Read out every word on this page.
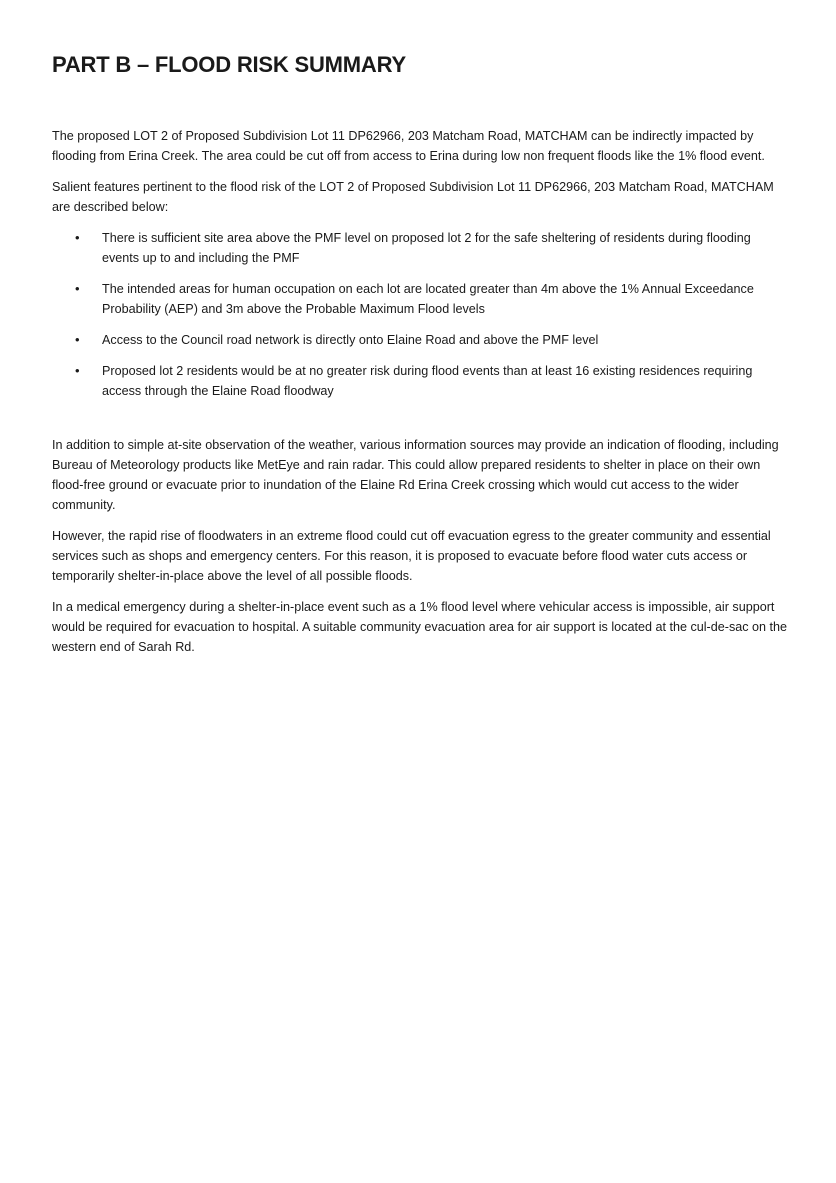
PART B – FLOOD RISK SUMMARY

The proposed LOT 2 of Proposed Subdivision Lot 11 DP62966, 203 Matcham Road, MATCHAM can be indirectly impacted by flooding from Erina Creek. The area could be cut off from access to Erina during low non frequent floods like the 1% flood event.

Salient features pertinent to the flood risk of the LOT 2 of Proposed Subdivision Lot 11 DP62966, 203 Matcham Road, MATCHAM are described below:

• There is sufficient site area above the PMF level on proposed lot 2 for the safe sheltering of residents during flooding events up to and including the PMF
• The intended areas for human occupation on each lot are located greater than 4m above the 1% Annual Exceedance Probability (AEP) and 3m above the Probable Maximum Flood levels
• Access to the Council road network is directly onto Elaine Road and above the PMF level
• Proposed lot 2 residents would be at no greater risk during flood events than at least 16 existing residences requiring access through the Elaine Road floodway

In addition to simple at-site observation of the weather, various information sources may provide an indication of flooding, including Bureau of Meteorology products like MetEye and rain radar. This could allow prepared residents to shelter in place on their own flood-free ground or evacuate prior to inundation of the Elaine Rd Erina Creek crossing which would cut access to the wider community.

However, the rapid rise of floodwaters in an extreme flood could cut off evacuation egress to the greater community and essential services such as shops and emergency centers. For this reason, it is proposed to evacuate before flood water cuts access or temporarily shelter-in-place above the level of all possible floods.

In a medical emergency during a shelter-in-place event such as a 1% flood level where vehicular access is impossible, air support would be required for evacuation to hospital. A suitable community evacuation area for air support is located at the cul-de-sac on the western end of Sarah Rd.
